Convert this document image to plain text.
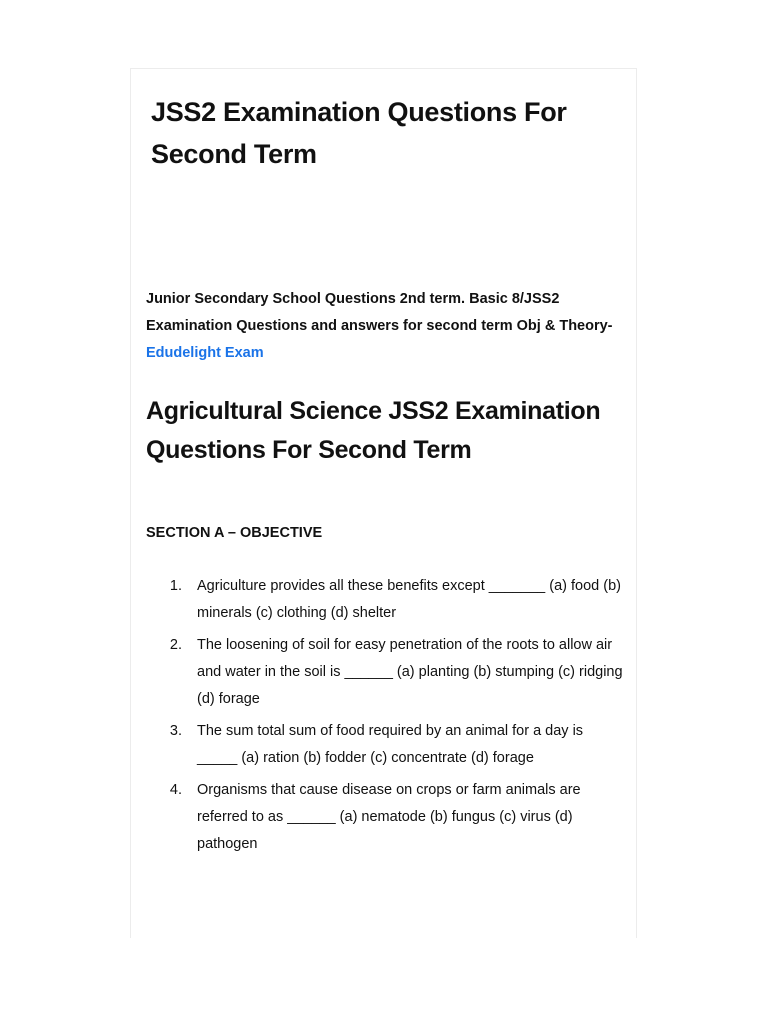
JSS2 Examination Questions For Second Term

Junior Secondary School Questions 2nd term. Basic 8/JSS2 Examination Questions and answers for second term Obj & Theory-Edudelight Exam

Agricultural Science JSS2 Examination Questions For Second Term

SECTION A – OBJECTIVE

1. Agriculture provides all these benefits except _______ (a) food (b) minerals (c) clothing (d) shelter
2. The loosening of soil for easy penetration of the roots to allow air and water in the soil is ______ (a) planting (b) stumping (c) ridging (d) forage
3. The sum total sum of food required by an animal for a day is _____ (a) ration (b) fodder (c) concentrate (d) forage
4. Organisms that cause disease on crops or farm animals are referred to as ______ (a) nematode (b) fungus (c) virus (d) pathogen
